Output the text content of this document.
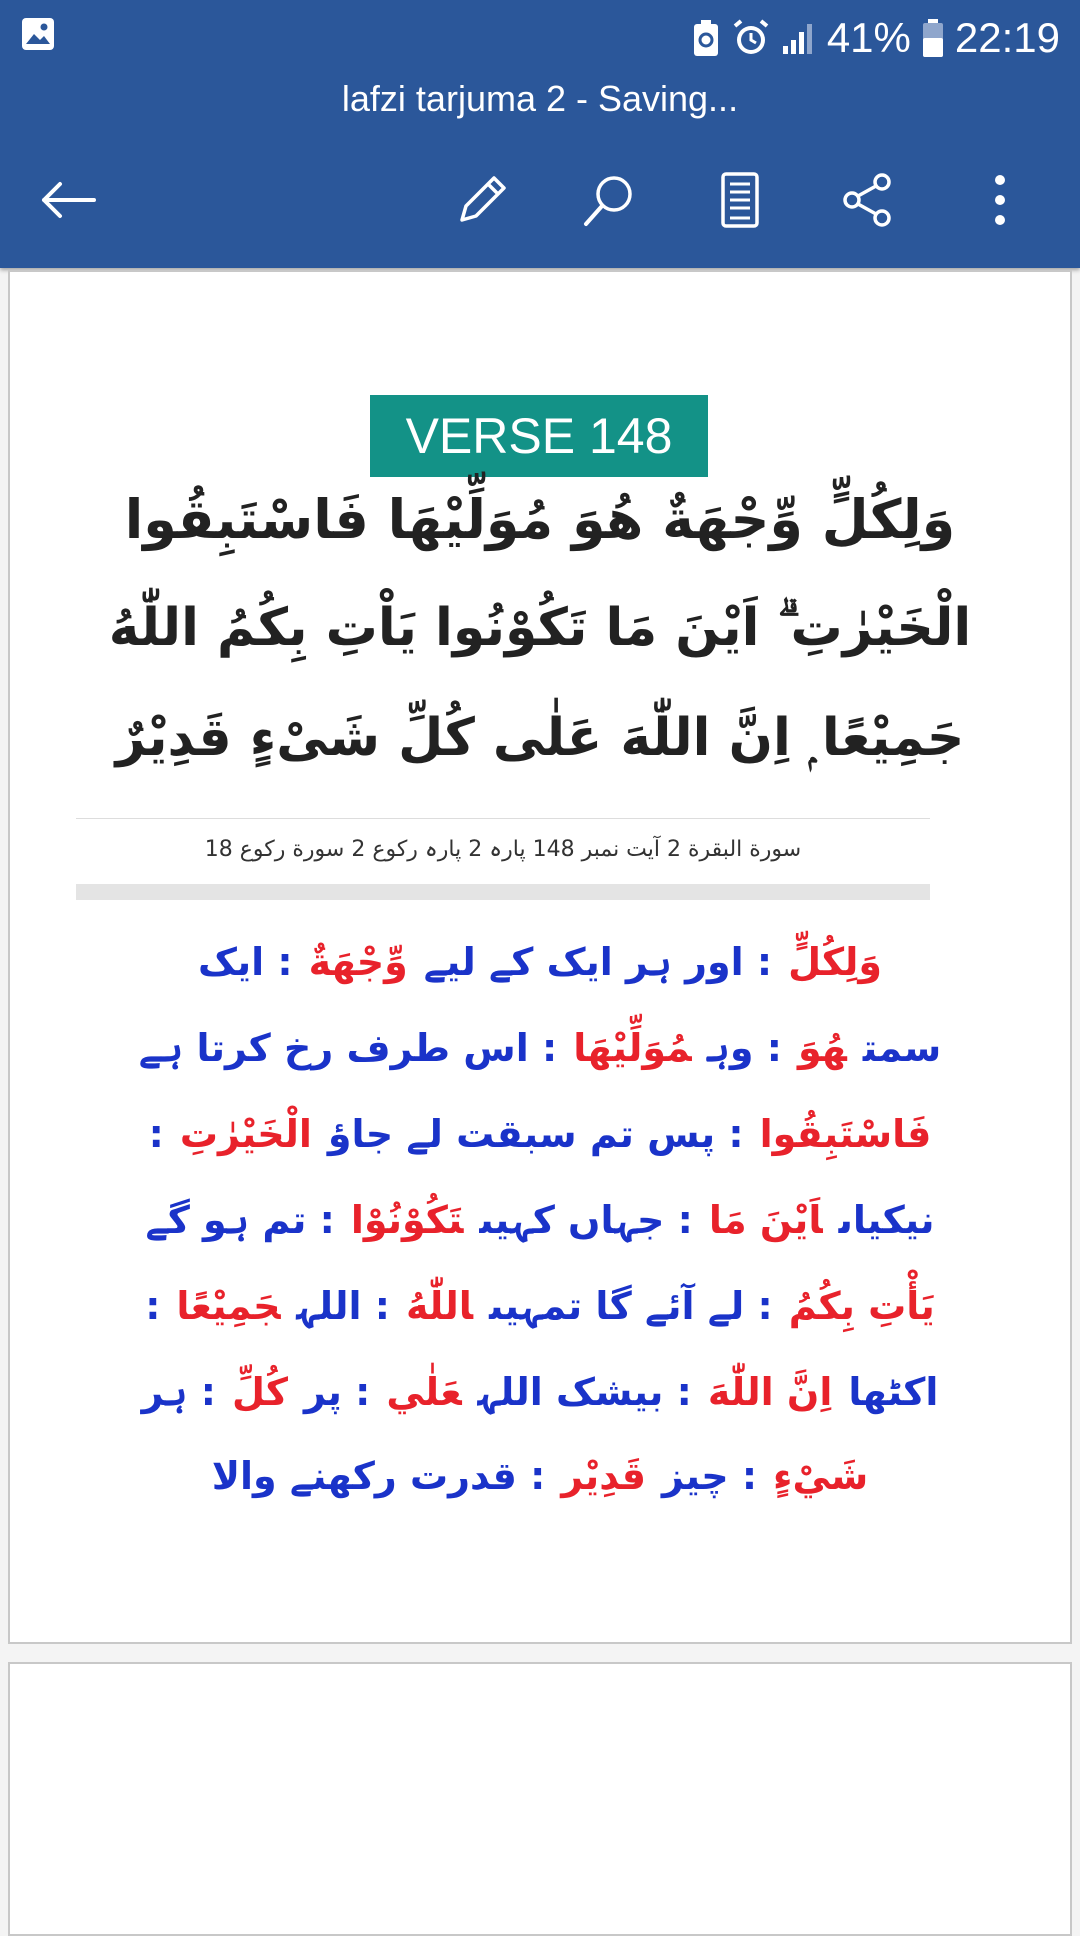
41% 22:19
lafzi tarjuma 2 - Saving...
VERSE 148
وَلِكُلٍّ وِّجْهَةٌ هُوَ مُوَلِّيْهَا فَاسْتَبِقُوا
الْخَيْرٰتِ ۗ اَيْنَ مَا تَكُوْنُوا يَاْتِ بِكُمُ اللّٰهُ
جَمِيْعًا ۭ اِنَّ اللّٰهَ عَلٰى كُلِّ شَىْءٍ قَدِيْرٌ
سورة البقرة 2 آیت نمبر 148 پارہ 2 پارہ رکوع 2 سورة رکوع 18
وَلِكُلٍّ: اور ہر ایک کے لیےوِّجْهَةٌ: ایک
سمتهُوَ: وہمُوَلِّيْهَا: اس طرف رخ کرتا ہے
فَاسْتَبِقُوا: پس تم سبقت لے جاؤالْخَيْرٰتِ:
نیکیاںاَيْنَ مَا: جہاں کہیںتَكُوْنُوْا: تم ہو گے
يَأْتِ بِكُمُ: لے آئے گا تمہیںاللّٰهُ: اللہجَمِيْعًا:
اکٹھااِنَّ اللّٰهَ: بیشک اللہعَلٰي: پركُلِّ: ہر
شَيْءٍ: چیزقَدِيْر: قدرت رکھنے والا
